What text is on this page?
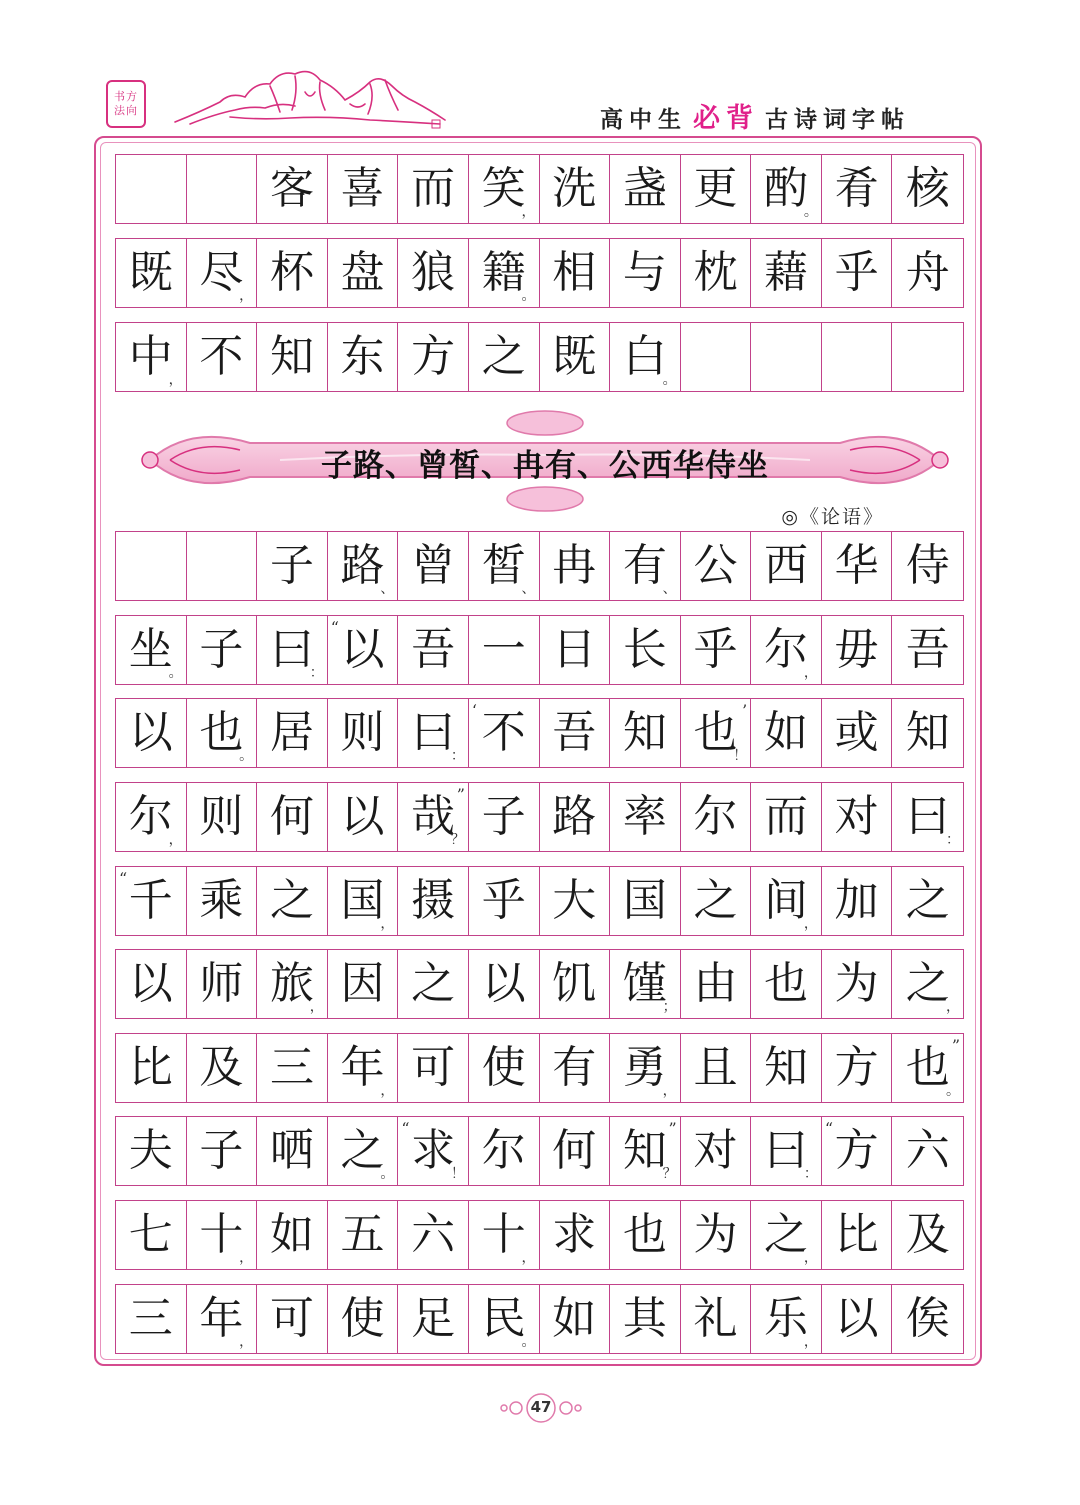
书方
法向	高中生 必背 古诗词字帖
客 喜 而 笑
， 洗 盏 更 酌
。 肴 核
既 尽
， 杯 盘 狼 籍
。 相 与 枕 藉 乎 舟
中
， 不 知 东 方 之 既 白
。
子路、曾皙、冉有、公西华侍坐
◎《论语》
子 路
、 曾 皙
、 冉 有
、 公 西 华 侍
坐
。 子 曰
： 以
“ 吾 一 日 长 乎 尔
， 毋 吾
以 也
。 居 则 曰
： 不
‘ 吾 知 也
！
’ 如 或 知
尔
， 则 何 以 哉
？
” 子 路 率 尔 而 对 曰
：
千
“ 乘 之 国
， 摄 乎 大 国 之 间
， 加 之
以 师 旅
， 因 之 以 饥 馑
； 由 也 为 之
，
比 及 三 年
， 可 使 有 勇
， 且 知 方 也
。
”
夫 子 哂 之
。 求
！
“ 尔 何 知
？
” 对 曰
： 方
“ 六
七 十
， 如 五 六 十
， 求 也 为 之
， 比 及
三 年
， 可 使 足 民
。 如 其 礼 乐
， 以 俟
47
